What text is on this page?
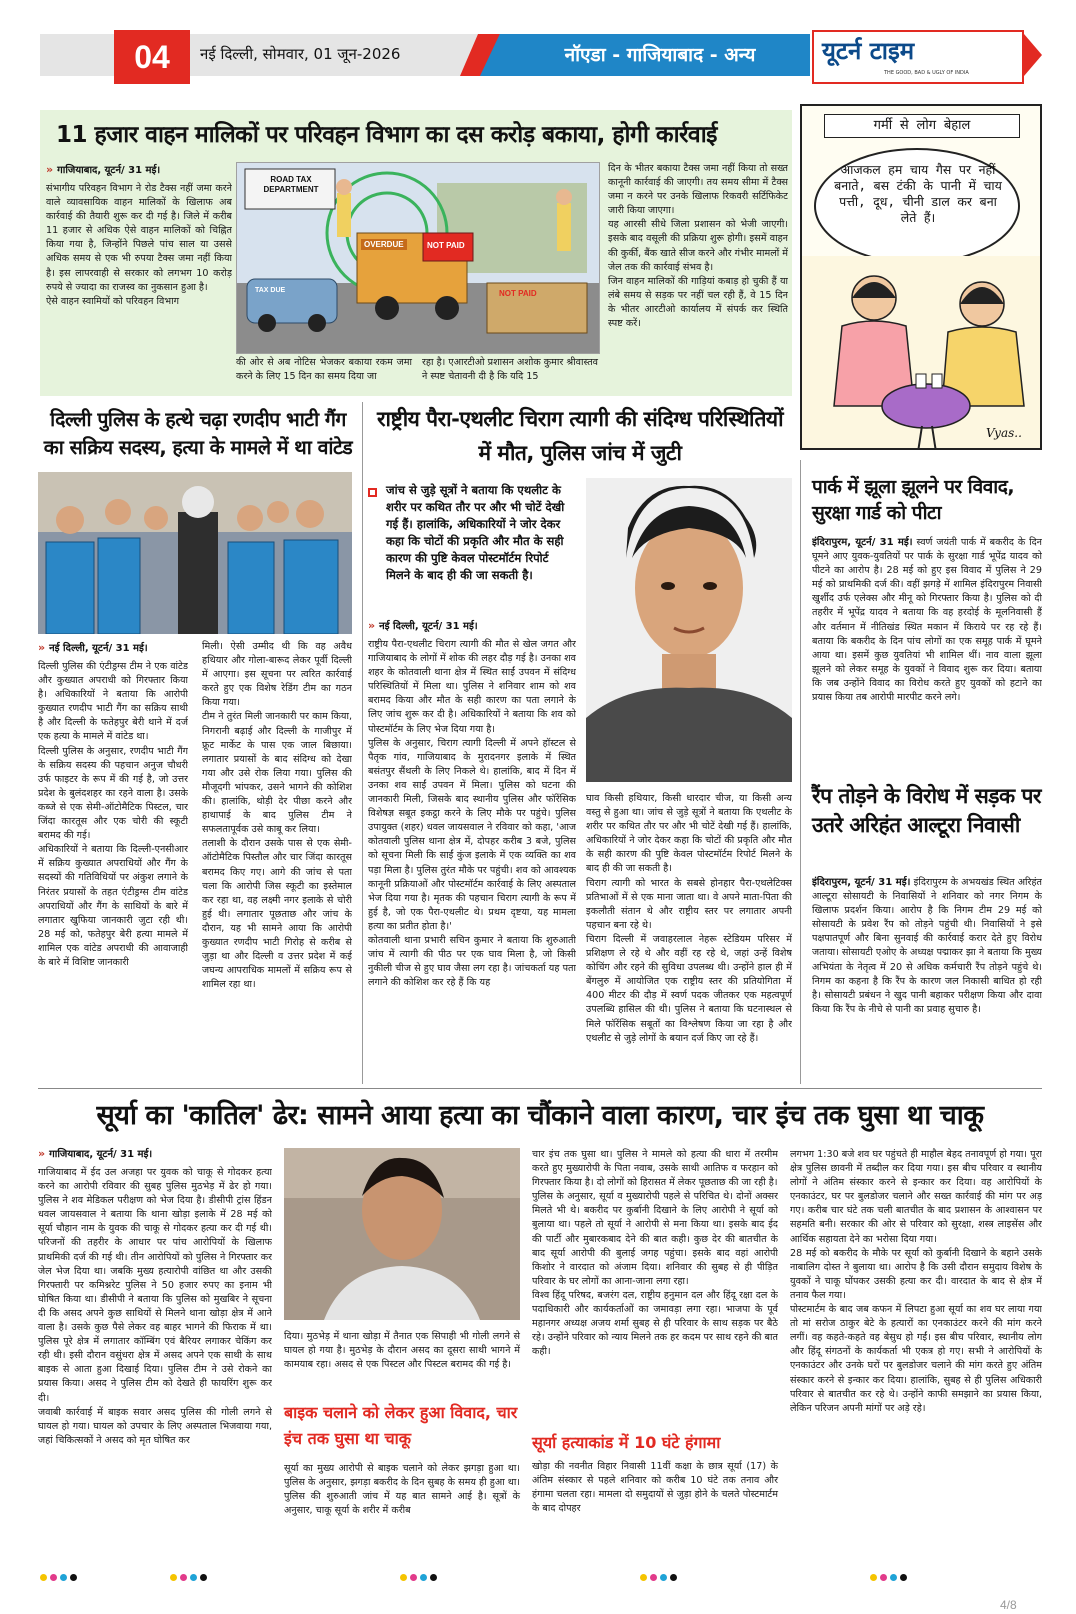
04 नई दिल्ली, सोमवार, 01 जून-2026	नॉएडा - गाजियाबाद - अन्य	यूटर्न टाइम
THE GOOD, BAD & UGLY OF INDIA
11 हजार वाहन मालिकों पर परिवहन विभाग का दस करोड़ बकाया, होगी कार्रवाई
» गाजियाबाद, यूटर्न/ 31 मई।
संभागीय परिवहन विभाग ने रोड टैक्स नहीं जमा करने वाले व्यावसायिक वाहन मालिकों के खिलाफ अब कार्रवाई की तैयारी शुरू कर दी गई है। जिले में करीब 11 हजार से अधिक ऐसे वाहन मालिकों को चिह्नित किया गया है, जिन्होंने पिछले पांच साल या उससे अधिक समय से एक भी रुपया टैक्स जमा नहीं किया है। इस लापरवाही से सरकार को लगभग 10 करोड़ रुपये से ज्यादा का राजस्व का नुकसान हुआ है।
ऐसे वाहन स्वामियों को परिवहन विभाग
ROAD TAX DEPARTMENT
OVERDUE	NOT PAID
TAX DUE	NOT PAID
की ओर से अब नोटिस भेजकर बकाया रकम जमा करने के लिए 15 दिन का समय दिया जा
रहा है। एआरटीओ प्रशासन अशोक कुमार श्रीवास्तव ने स्पष्ट चेतावनी दी है कि यदि 15
दिन के भीतर बकाया टैक्स जमा नहीं किया तो सख्त कानूनी कार्रवाई की जाएगी। तय समय सीमा में टैक्स जमा न करने पर उनके खिलाफ रिकवरी सर्टिफिकेट जारी किया जाएगा।
यह आरसी सीधे जिला प्रशासन को भेजी जाएगी। इसके बाद वसूली की प्रक्रिया शुरू होगी। इसमें वाहन की कुर्की, बैंक खाते सीज करने और गंभीर मामलों में जेल तक की कार्रवाई संभव है।
जिन वाहन मालिकों की गाड़ियां कबाड़ हो चुकी हैं या लंबे समय से सड़क पर नहीं चल रही हैं, वे 15 दिन के भीतर आरटीओ कार्यालय में संपर्क कर स्थिति स्पष्ट करें।
गर्मी से लोग बेहाल
आजकल हम चाय गैस पर नहीं बनाते, बस टंकी के पानी में चाय पत्ती, दूध, चीनी डाल कर बना लेते हैं।
Vyas..
दिल्ली पुलिस के हत्थे चढ़ा रणदीप भाटी गैंग का सक्रिय सदस्य, हत्या के मामले में था वांटेड
» नई दिल्ली, यूटर्न/ 31 मई।
दिल्ली पुलिस की एंटीड्रग्स टीम ने एक वांटेड और कुख्यात अपराधी को गिरफ्तार किया है। अधिकारियों ने बताया कि आरोपी कुख्यात रणदीप भाटी गैंग का सक्रिय साथी है और दिल्ली के फतेहपुर बेरी थाने में दर्ज एक हत्या के मामले में वांटेड था।
दिल्ली पुलिस के अनुसार, रणदीप भाटी गैंग के सक्रिय सदस्य की पहचान अनुज चौधरी उर्फ फाइटर के रूप में की गई है, जो उत्तर प्रदेश के बुलंदशहर का रहने वाला है। उसके कब्जे से एक सेमी-ऑटोमैटिक पिस्टल, चार जिंदा कारतूस और एक चोरी की स्कूटी बरामद की गई।
अधिकारियों ने बताया कि दिल्ली-एनसीआर में सक्रिय कुख्यात अपराधियों और गैंग के सदस्यों की गतिविधियों पर अंकुश लगाने के निरंतर प्रयासों के तहत एंटीड्रग्स टीम वांटेड अपराधियों और गैंग के साथियों के बारे में लगातार खुफिया जानकारी जुटा रही थी। 28 मई को, फतेहपुर बेरी हत्या मामले में शामिल एक वांटेड अपराधी की आवाजाही के बारे में विशिष्ट जानकारी
मिली। ऐसी उम्मीद थी कि वह अवैध हथियार और गोला-बारूद लेकर पूर्वी दिल्ली में आएगा। इस सूचना पर त्वरित कार्रवाई करते हुए एक विशेष रेडिंग टीम का गठन किया गया।
टीम ने तुरंत मिली जानकारी पर काम किया, निगरानी बढ़ाई और दिल्ली के गाजीपुर में फ्रूट मार्केट के पास एक जाल बिछाया। लगातार प्रयासों के बाद संदिग्ध को देखा गया और उसे रोक लिया गया। पुलिस की मौजूदगी भांपकर, उसने भागने की कोशिश की। हालांकि, थोड़ी देर पीछा करने और हाथापाई के बाद पुलिस टीम ने सफलतापूर्वक उसे काबू कर लिया।
तलाशी के दौरान उसके पास से एक सेमी-ऑटोमैटिक पिस्तौल और चार जिंदा कारतूस बरामद किए गए। आगे की जांच से पता चला कि आरोपी जिस स्कूटी का इस्तेमाल कर रहा था, वह लक्ष्मी नगर इलाके से चोरी हुई थी। लगातार पूछताछ और जांच के दौरान, यह भी सामने आया कि आरोपी कुख्यात रणदीप भाटी गिरोह से करीब से जुड़ा था और दिल्ली व उत्तर प्रदेश में कई जघन्य आपराधिक मामलों में सक्रिय रूप से शामिल रहा था।
राष्ट्रीय पैरा-एथलीट चिराग त्यागी की संदिग्ध परिस्थितियों में मौत, पुलिस जांच में जुटी
जांच से जुड़े सूत्रों ने बताया कि एथलीट के शरीर पर कथित तौर पर और भी चोटें देखी गई हैं। हालांकि, अधिकारियों ने जोर देकर कहा कि चोटों की प्रकृति और मौत के सही कारण की पुष्टि केवल पोस्टमॉर्टम रिपोर्ट मिलने के बाद ही की जा सकती है।
» नई दिल्ली, यूटर्न/ 31 मई।
राष्ट्रीय पैरा-एथलीट चिराग त्यागी की मौत से खेल जगत और गाजियाबाद के लोगों में शोक की लहर दौड़ गई है। उनका शव शहर के कोतवाली थाना क्षेत्र में स्थित साईं उपवन में संदिग्ध परिस्थितियों में मिला था। पुलिस ने शनिवार शाम को शव बरामद किया और मौत के सही कारण का पता लगाने के लिए जांच शुरू कर दी है। अधिकारियों ने बताया कि शव को पोस्टमॉर्टम के लिए भेज दिया गया है।
पुलिस के अनुसार, चिराग त्यागी दिल्ली में अपने हॉस्टल से पैतृक गांव, गाजियाबाद के मुरादनगर इलाके में स्थित बसंतपुर सैंथली के लिए निकले थे। हालांकि, बाद में दिन में उनका शव साईं उपवन में मिला। पुलिस को घटना की जानकारी मिली, जिसके बाद स्थानीय पुलिस और फॉरेंसिक विशेषज्ञ सबूत इकट्ठा करने के लिए मौके पर पहुंचे। पुलिस उपायुक्त (शहर) धवल जायसवाल ने रविवार को कहा, 'आज कोतवाली पुलिस थाना क्षेत्र में, दोपहर करीब 3 बजे, पुलिस को सूचना मिली कि साईं कुंज इलाके में एक व्यक्ति का शव पड़ा मिला है। पुलिस तुरंत मौके पर पहुंची। शव को आवश्यक कानूनी प्रक्रियाओं और पोस्टमॉर्टम कार्रवाई के लिए अस्पताल भेज दिया गया है। मृतक की पहचान चिराग त्यागी के रूप में हुई है, जो एक पैरा-एथलीट थे। प्रथम दृष्टया, यह मामला हत्या का प्रतीत होता है।'
कोतवाली थाना प्रभारी सचिन कुमार ने बताया कि शुरुआती जांच में त्यागी की पीठ पर एक घाव मिला है, जो किसी नुकीली चीज से हुए घाव जैसा लग रहा है। जांचकर्ता यह पता लगाने की कोशिश कर रहे हैं कि यह
घाव किसी हथियार, किसी धारदार चीज, या किसी अन्य वस्तु से हुआ था। जांच से जुड़े सूत्रों ने बताया कि एथलीट के शरीर पर कथित तौर पर और भी चोटें देखी गई हैं। हालांकि, अधिकारियों ने जोर देकर कहा कि चोटों की प्रकृति और मौत के सही कारण की पुष्टि केवल पोस्टमॉर्टम रिपोर्ट मिलने के बाद ही की जा सकती है।
चिराग त्यागी को भारत के सबसे होनहार पैरा-एथलेटिक्स प्रतिभाओं में से एक माना जाता था। वे अपने माता-पिता की इकलौती संतान थे और राष्ट्रीय स्तर पर लगातार अपनी पहचान बना रहे थे।
चिराग दिल्ली में जवाहरलाल नेहरू स्टेडियम परिसर में प्रशिक्षण ले रहे थे और वहीं रह रहे थे, जहां उन्हें विशेष कोचिंग और रहने की सुविधा उपलब्ध थी। उन्होंने हाल ही में बेंगलुरु में आयोजित एक राष्ट्रीय स्तर की प्रतियोगिता में 400 मीटर की दौड़ में स्वर्ण पदक जीतकर एक महत्वपूर्ण उपलब्धि हासिल की थी। पुलिस ने बताया कि घटनास्थल से मिले फॉरेंसिक सबूतों का विश्लेषण किया जा रहा है और एथलीट से जुड़े लोगों के बयान दर्ज किए जा रहे हैं।
पार्क में झूला झूलने पर विवाद, सुरक्षा गार्ड को पीटा
इंदिरापुरम, यूटर्न/ 31 मई। स्वर्ण जयंती पार्क में बकरीद के दिन घूमने आए युवक-युवतियों पर पार्क के सुरक्षा गार्ड भूपेंद्र यादव को पीटने का आरोप है। 28 मई को हुए इस विवाद में पुलिस ने 29 मई को प्राथमिकी दर्ज की। वहीं झगड़े में शामिल इंदिरापुरम निवासी खुर्शीद उर्फ एलेक्स और मीनू को गिरफ्तार किया है। पुलिस को दी तहरीर में भूपेंद्र यादव ने बताया कि वह हरदोई के मूलनिवासी हैं और वर्तमान में नीतिखंड स्थित मकान में किराये पर रह रहे हैं। बताया कि बकरीद के दिन पांच लोगों का एक समूह पार्क में घूमने आया था। इसमें कुछ युवतियां भी शामिल थीं। नाव वाला झूला झूलने को लेकर समूह के युवकों ने विवाद शुरू कर दिया। बताया कि जब उन्होंने विवाद का विरोध करते हुए युवकों को हटाने का प्रयास किया तब आरोपी मारपीट करने लगे।
रैंप तोड़ने के विरोध में सड़क पर उतरे अरिहंत आल्टूरा निवासी
इंदिरापुरम, यूटर्न/ 31 मई। इंदिरापुरम के अभयखंड स्थित अरिहंत आल्टूरा सोसायटी के निवासियों ने शनिवार को नगर निगम के खिलाफ प्रदर्शन किया। आरोप है कि निगम टीम 29 मई को सोसायटी के प्रवेश रैंप को तोड़ने पहुंची थी। निवासियों ने इसे पक्षपातपूर्ण और बिना सुनवाई की कार्रवाई करार देते हुए विरोध जताया। सोसायटी एओए के अध्यक्ष पद्माकर झा ने बताया कि मुख्य अभियंता के नेतृत्व में 20 से अधिक कर्मचारी रैंप तोड़ने पहुंचे थे। निगम का कहना है कि रैंप के कारण जल निकासी बाधित हो रही है। सोसायटी प्रबंधन ने खुद पानी बहाकर परीक्षण किया और दावा किया कि रैंप के नीचे से पानी का प्रवाह सुचारु है।
सूर्या का 'कातिल' ढेर: सामने आया हत्या का चौंकाने वाला कारण, चार इंच तक घुसा था चाकू
» गाजियाबाद, यूटर्न/ 31 मई।
गाजियाबाद में ईद उल अजहा पर युवक को चाकू से गोदकर हत्या करने का आरोपी रविवार की सुबह पुलिस मुठभेड़ में ढेर हो गया। पुलिस ने शव मेडिकल परीक्षण को भेज दिया है। डीसीपी ट्रांस हिंडन धवल जायसवाल ने बताया कि थाना खोड़ा इलाके में 28 मई को सूर्या चौहान नाम के युवक की चाकू से गोदकर हत्या कर दी गई थी। परिजनों की तहरीर के आधार पर पांच आरोपियों के खिलाफ प्राथमिकी दर्ज की गई थी। तीन आरोपियों को पुलिस ने गिरफ्तार कर जेल भेज दिया था। जबकि मुख्य हत्यारोपी वांछित था और उसकी गिरफ्तारी पर कमिश्नरेट पुलिस ने 50 हजार रुपए का इनाम भी घोषित किया था। डीसीपी ने बताया कि पुलिस को मुखबिर ने सूचना दी कि असद अपने कुछ साथियों से मिलने थाना खोड़ा क्षेत्र में आने वाला है। उसके कुछ पैसे लेकर वह बाहर भागने की फिराक में था। पुलिस पूरे क्षेत्र में लगातार कॉम्बिंग एवं बैरियर लगाकर चेकिंग कर रही थी। इसी दौरान वसुंधरा क्षेत्र में असद अपने एक साथी के साथ बाइक से आता हुआ दिखाई दिया। पुलिस टीम ने उसे रोकने का प्रयास किया। असद ने पुलिस टीम को देखते ही फायरिंग शुरू कर दी।
जवाबी कार्रवाई में बाइक सवार असद पुलिस की गोली लगने से घायल हो गया। घायल को उपचार के लिए अस्पताल भिजवाया गया, जहां चिकित्सकों ने असद को मृत घोषित कर
दिया। मुठभेड़ में थाना खोड़ा में तैनात एक सिपाही भी गोली लगने से घायल हो गया है। मुठभेड़ के दौरान असद का दूसरा साथी भागने में कामयाब रहा। असद से एक पिस्टल और पिस्टल बरामद की गई है।
बाइक चलाने को लेकर हुआ विवाद, चार इंच तक घुसा था चाकू
सूर्या का मुख्य आरोपी से बाइक चलाने को लेकर झगड़ा हुआ था। पुलिस के अनुसार, झगड़ा बकरीद के दिन सुबह के समय ही हुआ था। पुलिस की शुरुआती जांच में यह बात सामने आई है। सूत्रों के अनुसार, चाकू सूर्या के शरीर में करीब
चार इंच तक घुसा था। पुलिस ने मामले को हत्या की धारा में तरमीम करते हुए मुख्यारोपी के पिता नवाब, उसके साथी आतिफ व फरहान को गिरफ्तार किया है। दो लोगों को हिरासत में लेकर पूछताछ की जा रही है।
पुलिस के अनुसार, सूर्या व मुख्यारोपी पहले से परिचित थे। दोनों अक्सर मिलते भी थे। बकरीद पर कुर्बानी दिखाने के लिए आरोपी ने सूर्या को बुलाया था। पहले तो सूर्या ने आरोपी से मना किया था। इसके बाद ईद की पार्टी और मुबारकबाद देने की बात कही। कुछ देर की बातचीत के बाद सूर्या आरोपी की बुलाई जगह पहुंचा। इसके बाद वहां आरोपी किशोर ने वारदात को अंजाम दिया। शनिवार की सुबह से ही पीड़ित परिवार के घर लोगों का आना-जाना लगा रहा।
विश्व हिंदू परिषद, बजरंग दल, राष्ट्रीय हनुमान दल और हिंदू रक्षा दल के पदाधिकारी और कार्यकर्ताओं का जमावड़ा लगा रहा। भाजपा के पूर्व महानगर अध्यक्ष अजय शर्मा सुबह से ही परिवार के साथ सड़क पर बैठे रहे। उन्होंने परिवार को न्याय मिलने तक हर कदम पर साथ रहने की बात कही।
सूर्या हत्याकांड में 10 घंटे हंगामा
खोड़ा की नवनीत विहार निवासी 11वीं कक्षा के छात्र सूर्या (17) के अंतिम संस्कार से पहले शनिवार को करीब 10 घंटे तक तनाव और हंगामा चलता रहा। मामला दो समुदायों से जुड़ा होने के चलते पोस्टमार्टम के बाद दोपहर
लगभग 1:30 बजे शव घर पहुंचते ही माहौल बेहद तनावपूर्ण हो गया। पूरा क्षेत्र पुलिस छावनी में तब्दील कर दिया गया। इस बीच परिवार व स्थानीय लोगों ने अंतिम संस्कार करने से इन्कार कर दिया। वह आरोपियों के एनकाउंटर, घर पर बुलडोजर चलाने और सख्त कार्रवाई की मांग पर अड़ गए। करीब चार घंटे तक चली बातचीत के बाद प्रशासन के आश्वासन पर सहमति बनी। सरकार की ओर से परिवार को सुरक्षा, शस्त्र लाइसेंस और आर्थिक सहायता देने का भरोसा दिया गया।
28 मई को बकरीद के मौके पर सूर्या को कुर्बानी दिखाने के बहाने उसके नाबालिग दोस्त ने बुलाया था। आरोप है कि उसी दौरान समुदाय विशेष के युवकों ने चाकू घोंपकर उसकी हत्या कर दी। वारदात के बाद से क्षेत्र में तनाव फैल गया।
पोस्टमार्टम के बाद जब कफन में लिपटा हुआ सूर्या का शव घर लाया गया तो मां सरोज ठाकुर बेटे के हत्यारों का एनकाउंटर करने की मांग करने लगीं। वह कहते-कहते वह बेसुध हो गईं। इस बीच परिवार, स्थानीय लोग और हिंदू संगठनों के कार्यकर्ता भी एकत्र हो गए। सभी ने आरोपियों के एनकाउंटर और उनके घरों पर बुलडोजर चलाने की मांग करते हुए अंतिम संस्कार करने से इन्कार कर दिया। हालांकि, सुबह से ही पुलिस अधिकारी परिवार से बातचीत कर रहे थे। उन्होंने काफी समझाने का प्रयास किया, लेकिन परिजन अपनी मांगों पर अड़े रहे।
4/8
